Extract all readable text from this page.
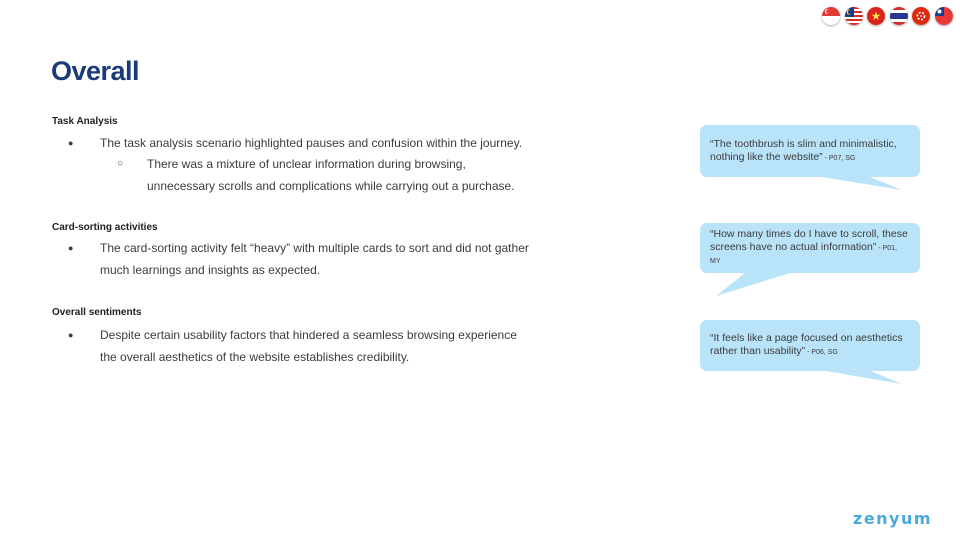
Overall
Task Analysis
● The task analysis scenario highlighted pauses and confusion within the journey.
○ There was a mixture of unclear information during browsing,
unnecessary scrolls and complications while carrying out a purchase.
Card-sorting activities
● The card-sorting activity felt “heavy” with multiple cards to sort and did not gather
much learnings and insights as expected.
Overall sentiments
● Despite certain usability factors that hindered a seamless browsing experience
the overall aesthetics of the website establishes credibility.
“The toothbrush is slim and minimalistic,
nothing like the website” - P07, SG
“How many times do I have to scroll, these
screens have no actual information” - P01,
MY
“It feels like a page focused on aesthetics
rather than usability” - P06, SG
zenyum
